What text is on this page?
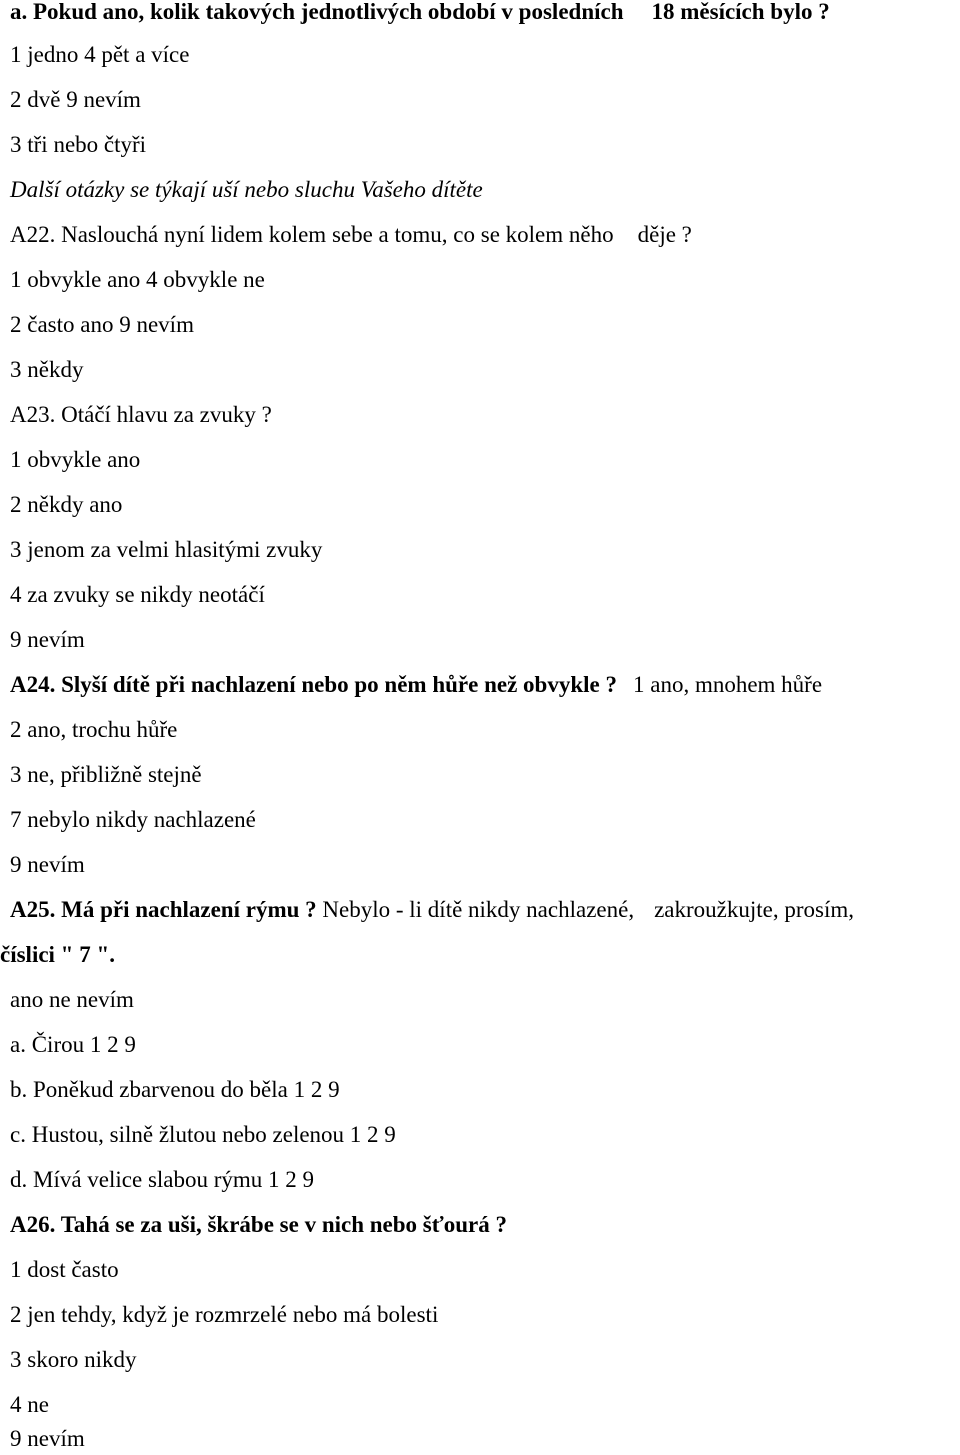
a. Pokud ano, kolik takových jednotlivých období v posledních 18 měsících bylo ?
1 jedno 4 pět a více
2 dvě 9 nevím
3 tři nebo čtyři
Další otázky se týkají uší nebo sluchu Vašeho dítěte
A22. Naslouchá nyní lidem kolem sebe a tomu, co se kolem něho děje ?
1 obvykle ano 4 obvykle ne
2 často ano 9 nevím
3 někdy
A23. Otáčí hlavu za zvuky ?
1 obvykle ano
2 někdy ano
3 jenom za velmi hlasitými zvuky
4 za zvuky se nikdy neotáčí
9 nevím
A24. Slyší dítě při nachlazení nebo po něm hůře než obvykle ? 1 ano, mnohem hůře
2 ano, trochu hůře
3 ne, přibližně stejně
7 nebylo nikdy nachlazené
9 nevím
A25. Má při nachlazení rýmu ? Nebylo - li dítě nikdy nachlazené, zakroužkujte, prosím,
číslici " 7 ".
ano ne nevím
a. Čirou 1 2 9
b. Poněkud zbarvenou do běla 1 2 9
c. Hustou, silně žlutou nebo zelenou 1 2 9
d. Mívá velice slabou rýmu 1 2 9
A26. Tahá se za uši, škrábe se v nich nebo šťourá ?
1 dost často
2 jen tehdy, když je rozmrzelé nebo má bolesti
3 skoro nikdy
4 ne
9 nevím
